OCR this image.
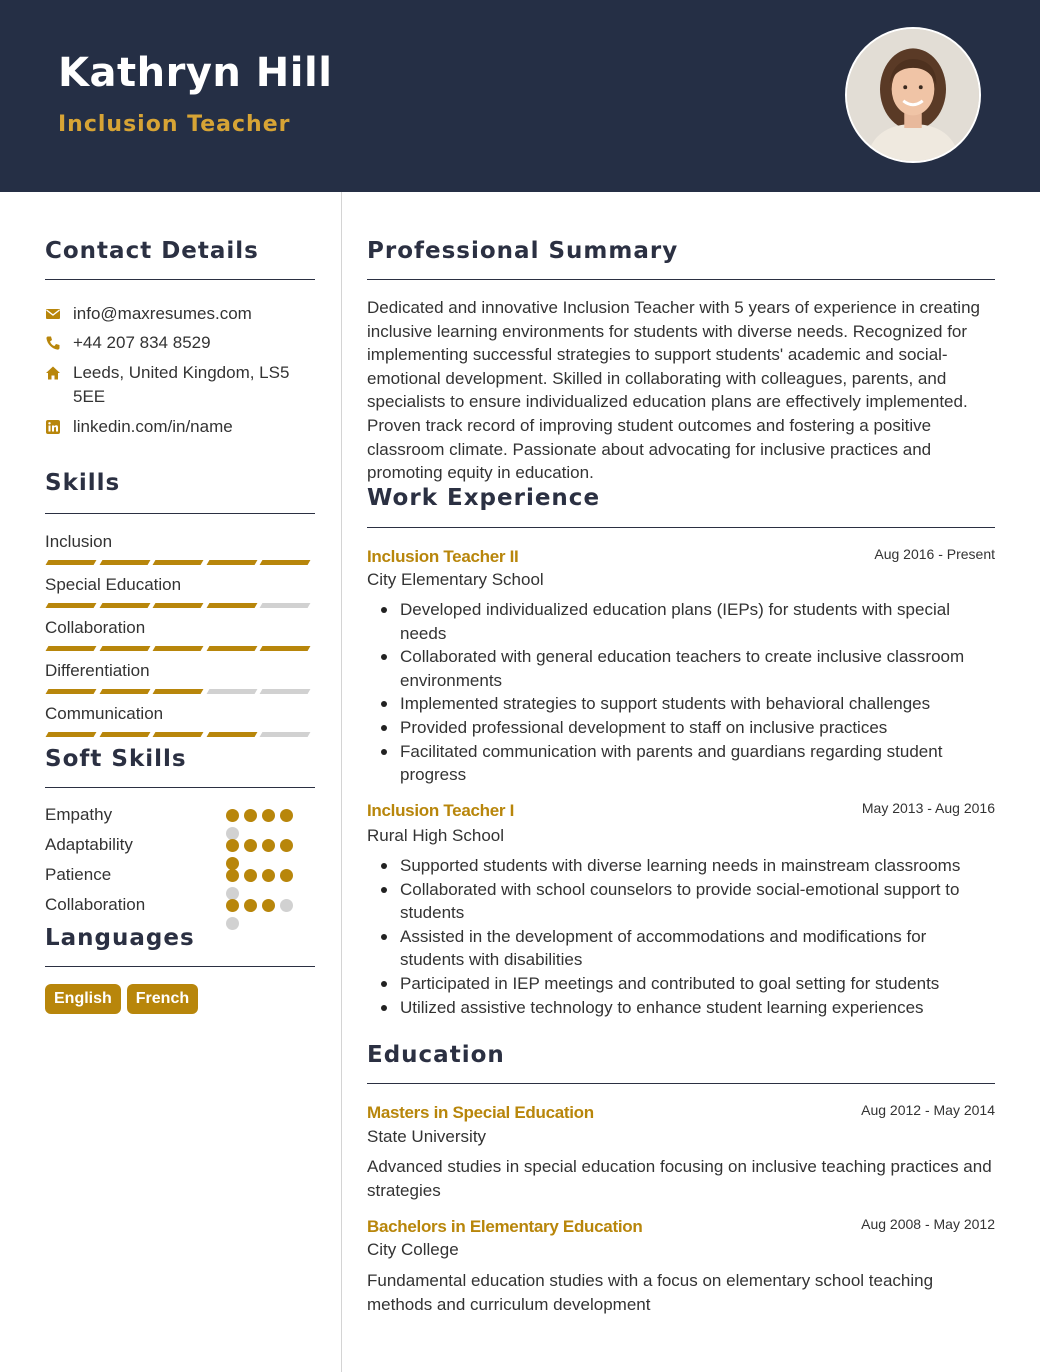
Kathryn Hill
Inclusion Teacher
Contact Details
info@maxresumes.com
+44 207 834 8529
Leeds, United Kingdom, LS5 5EE
linkedin.com/in/name
Skills
Inclusion
Special Education
Collaboration
Differentiation
Communication
Soft Skills
Empathy
Adaptability
Patience
Collaboration
Languages
English	French
Professional Summary
Dedicated and innovative Inclusion Teacher with 5 years of experience in creating inclusive learning environments for students with diverse needs. Recognized for implementing successful strategies to support students' academic and social-emotional development. Skilled in collaborating with colleagues, parents, and specialists to ensure individualized education plans are effectively implemented. Proven track record of improving student outcomes and fostering a positive classroom climate. Passionate about advocating for inclusive practices and promoting equity in education.
Work Experience
Inclusion Teacher II	Aug 2016 - Present
City Elementary School
Developed individualized education plans (IEPs) for students with special needs
Collaborated with general education teachers to create inclusive classroom environments
Implemented strategies to support students with behavioral challenges
Provided professional development to staff on inclusive practices
Facilitated communication with parents and guardians regarding student progress
Inclusion Teacher I	May 2013 - Aug 2016
Rural High School
Supported students with diverse learning needs in mainstream classrooms
Collaborated with school counselors to provide social-emotional support to students
Assisted in the development of accommodations and modifications for students with disabilities
Participated in IEP meetings and contributed to goal setting for students
Utilized assistive technology to enhance student learning experiences
Education
Masters in Special Education	Aug 2012 - May 2014
State University
Advanced studies in special education focusing on inclusive teaching practices and strategies
Bachelors in Elementary Education	Aug 2008 - May 2012
City College
Fundamental education studies with a focus on elementary school teaching methods and curriculum development
